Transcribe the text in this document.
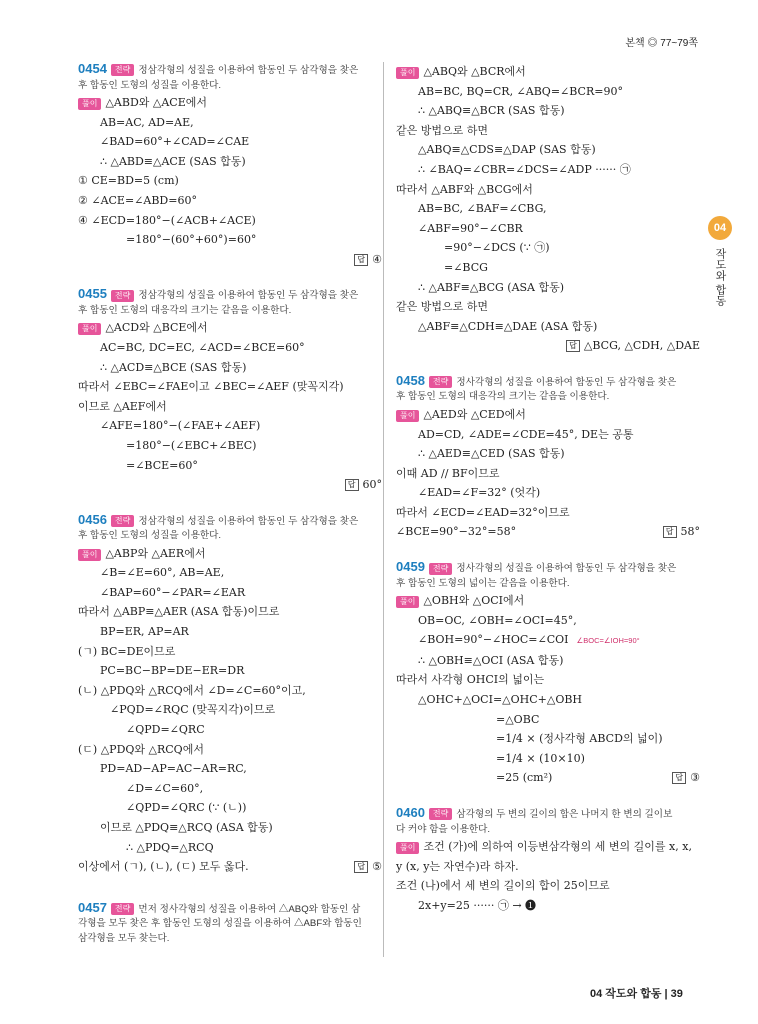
본책 ◎ 77~79쪽
04
작도와 합동
0454 전략 정삼각형의 성질을 이용하여 합동인 두 삼각형을 찾은
후 합동인 도형의 성질을 이용한다.
풀이 △ABD와 △ACE에서
AB=AC, AD=AE,
∠BAD=60°+∠CAD=∠CAE
∴ △ABD≡△ACE (SAS 합동)
① CE=BD=5 (cm)
② ∠ACE=∠ABD=60°
④ ∠ECD=180°−(∠ACB+∠ACE)
=180°−(60°+60°)=60°
답 ④
0455 전략 정삼각형의 성질을 이용하여 합동인 두 삼각형을 찾은
후 합동인 도형의 대응각의 크기는 같음을 이용한다.
풀이 △ACD와 △BCE에서
AC=BC, DC=EC, ∠ACD=∠BCE=60°
∴ △ACD≡△BCE (SAS 합동)
따라서 ∠EBC=∠FAE이고 ∠BEC=∠AEF (맞꼭지각)
이므로 △AEF에서
∠AFE=180°−(∠FAE+∠AEF)
=180°−(∠EBC+∠BEC)
=∠BCE=60°
답 60°
0456 전략 정삼각형의 성질을 이용하여 합동인 두 삼각형을 찾은
후 합동인 도형의 성질을 이용한다.
풀이 △ABP와 △AER에서
∠B=∠E=60°, AB=AE,
∠BAP=60°−∠PAR=∠EAR
따라서 △ABP≡△AER (ASA 합동)이므로
BP=ER, AP=AR
(ㄱ) BC=DE이므로
PC=BC−BP=DE−ER=DR
(ㄴ) △PDQ와 △RCQ에서 ∠D=∠C=60°이고,
∠PQD=∠RQC (맞꼭지각)이므로
∠QPD=∠QRC
(ㄷ) △PDQ와 △RCQ에서
PD=AD−AP=AC−AR=RC,
∠D=∠C=60°,
∠QPD=∠QRC (∵ (ㄴ))
이므로 △PDQ≡△RCQ (ASA 합동)
∴ △PDQ=△RCQ
이상에서 (ㄱ), (ㄴ), (ㄷ) 모두 옳다.	답 ⑤
0457 전략 먼저 정사각형의 성질을 이용하여 △ABQ와 합동인 삼
각형을 모두 찾은 후 합동인 도형의 성질을 이용하여 △ABF와 합동인
삼각형을 모두 찾는다.
풀이 △ABQ와 △BCR에서
AB=BC, BQ=CR, ∠ABQ=∠BCR=90°
∴ △ABQ≡△BCR (SAS 합동)
같은 방법으로 하면
△ABQ≡△CDS≡△DAP (SAS 합동)
∴ ∠BAQ=∠CBR=∠DCS=∠ADP ······ ㉠
따라서 △ABF와 △BCG에서
AB=BC, ∠BAF=∠CBG,
∠ABF=90°−∠CBR
=90°−∠DCS (∵ ㉠)
=∠BCG
∴ △ABF≡△BCG (ASA 합동)
같은 방법으로 하면
△ABF≡△CDH≡△DAE (ASA 합동)
답 △BCG, △CDH, △DAE
0458 전략 정사각형의 성질을 이용하여 합동인 두 삼각형을 찾은
후 합동인 도형의 대응각의 크기는 같음을 이용한다.
풀이 △AED와 △CED에서
AD=CD, ∠ADE=∠CDE=45°, DE는 공통
∴ △AED≡△CED (SAS 합동)
이때 AD // BF이므로
∠EAD=∠F=32° (엇각)
따라서 ∠ECD=∠EAD=32°이므로
∠BCE=90°−32°=58°	답 58°
0459 전략 정사각형의 성질을 이용하여 합동인 두 삼각형을 찾은
후 합동인 도형의 넓이는 같음을 이용한다.
풀이 △OBH와 △OCI에서
OB=OC, ∠OBH=∠OCI=45°,
∠BOH=90°−∠HOC=∠COI ∠BOC=∠IOH=90°
∴ △OBH≡△OCI (ASA 합동)
따라서 사각형 OHCI의 넓이는
△OHC+△OCI=△OHC+△OBH
=△OBC
=1/4 × (정사각형 ABCD의 넓이)
=1/4 × (10×10)
=25 (cm²)	답 ③
0460 전략 삼각형의 두 변의 길이의 합은 나머지 한 변의 길이보
다 커야 함을 이용한다.
풀이 조건 (가)에 의하여 이등변삼각형의 세 변의 길이를 x, x,
y (x, y는 자연수)라 하자.
조건 (나)에서 세 변의 길이의 합이 25이므로
2x+y=25 ······ ㉠ → ❶
04 작도와 합동 | 39
